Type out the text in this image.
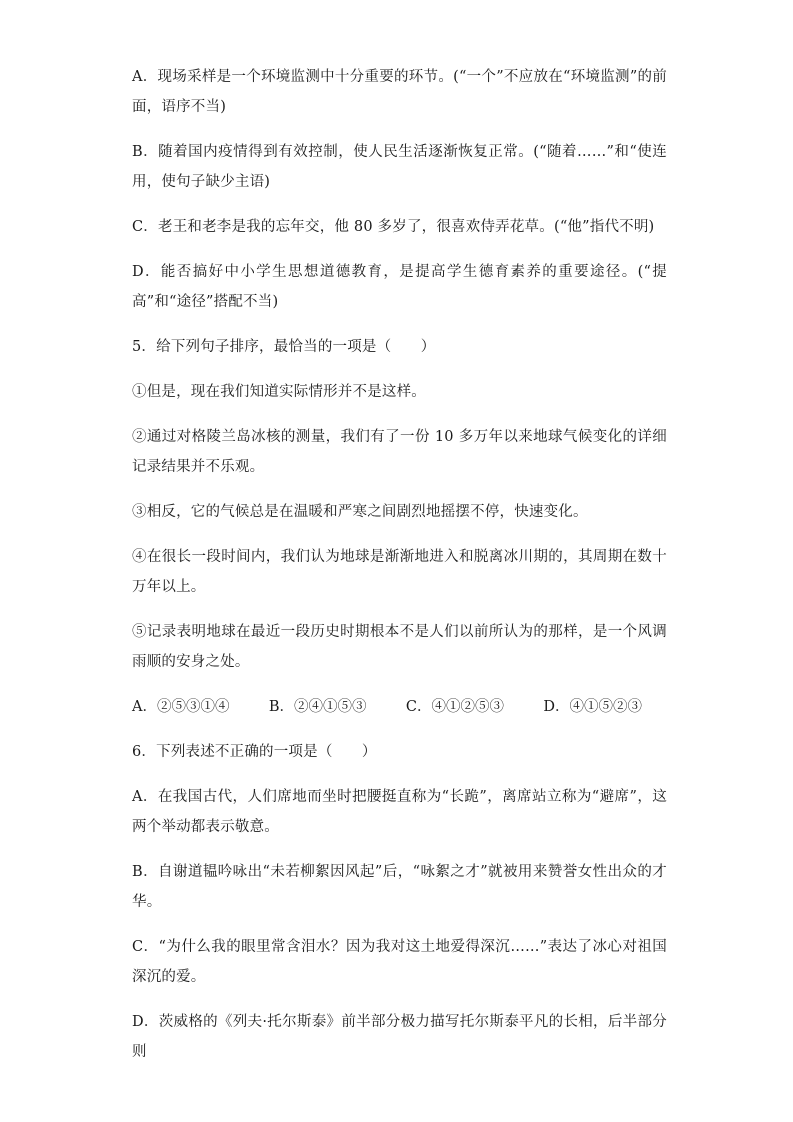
A．现场采样是一个环境监测中十分重要的环节。(“一个”不应放在“环境监测”的前面，语序不当)

B．随着国内疫情得到有效控制，使人民生活逐渐恢复正常。(“随着……”和“使连用，使句子缺少主语)

C．老王和老李是我的忘年交，他 80 多岁了，很喜欢侍弄花草。(“他”指代不明)

D．能否搞好中小学生思想道德教育，是提高学生德育素养的重要途径。(“提高”和“途径”搭配不当)

5．给下列句子排序，最恰当的一项是（　　）

①但是，现在我们知道实际情形并不是这样。

②通过对格陵兰岛冰核的测量，我们有了一份 10 多万年以来地球气候变化的详细记录结果并不乐观。

③相反，它的气候总是在温暖和严寒之间剧烈地摇摆不停，快速变化。

④在很长一段时间内，我们认为地球是渐渐地进入和脱离冰川期的，其周期在数十万年以上。

⑤记录表明地球在最近一段历史时期根本不是人们以前所认为的那样，是一个风调雨顺的安身之处。

A．②⑤③①④	B．②④①⑤③	C．④①②⑤③	D．④①⑤②③

6．下列表述不正确的一项是（　　）

A．在我国古代，人们席地而坐时把腰挺直称为“长跪”，离席站立称为“避席”，这两个举动都表示敬意。

B．自谢道韫吟咏出“未若柳絮因风起”后，“咏絮之才”就被用来赞誉女性出众的才华。

C．“为什么我的眼里常含泪水？因为我对这土地爱得深沉……”表达了冰心对祖国深沉的爱。

D．茨威格的《列夫·托尔斯泰》前半部分极力描写托尔斯泰平凡的长相，后半部分则
